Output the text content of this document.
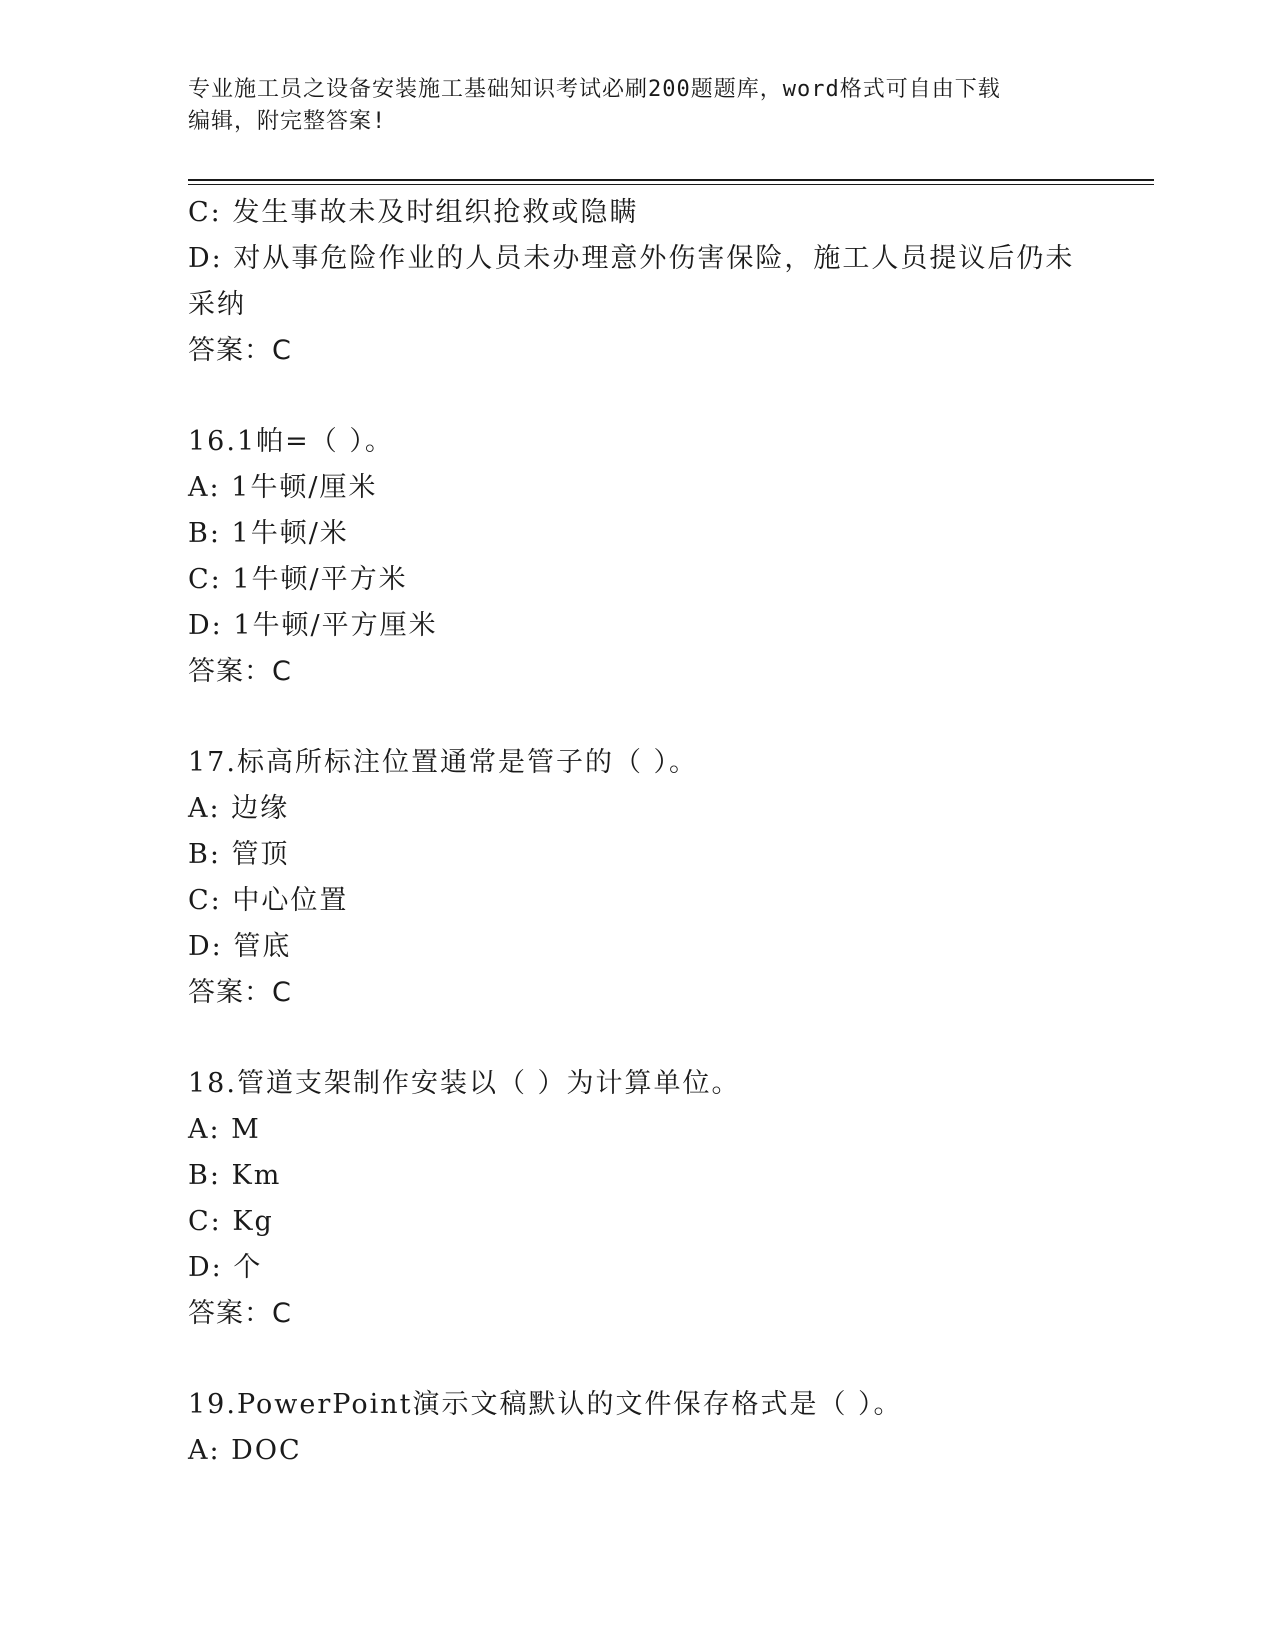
专业施工员之设备安装施工基础知识考试必刷200题题库，word格式可自由下载
编辑，附完整答案!
C: 发生事故未及时组织抢救或隐瞒
D: 对从事危险作业的人员未办理意外伤害保险，施工人员提议后仍未
采纳
答案：C
16.1帕=（ ）。
A: 1牛顿/厘米
B: 1牛顿/米
C: 1牛顿/平方米
D: 1牛顿/平方厘米
答案：C
17.标高所标注位置通常是管子的（ ）。
A: 边缘
B: 管顶
C: 中心位置
D: 管底
答案：C
18.管道支架制作安装以（ ）为计算单位。
A: M
B: Km
C: Kg
D: 个
答案：C
19.PowerPoint演示文稿默认的文件保存格式是（ ）。
A: DOC
